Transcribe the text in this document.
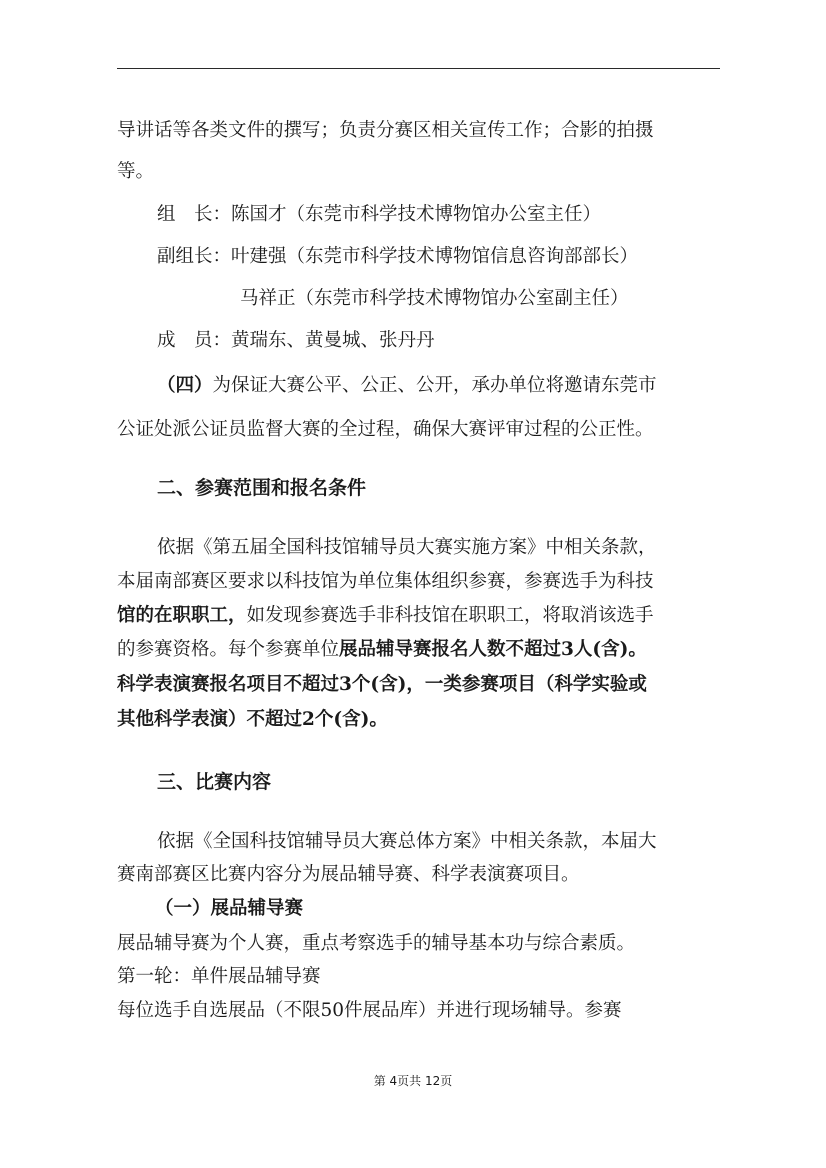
导讲话等各类文件的撰写；负责分赛区相关宣传工作；合影的拍摄
等。
组　长：陈国才（东莞市科学技术博物馆办公室主任）
副组长：叶建强（东莞市科学技术博物馆信息咨询部部长）
马祥正（东莞市科学技术博物馆办公室副主任）
成　员：黄瑞东、黄曼城、张丹丹
（四）为保证大赛公平、公正、公开，承办单位将邀请东莞市
公证处派公证员监督大赛的全过程，确保大赛评审过程的公正性。
二、参赛范围和报名条件
依据《第五届全国科技馆辅导员大赛实施方案》中相关条款，
本届南部赛区要求以科技馆为单位集体组织参赛，参赛选手为科技
馆的在职职工，如发现参赛选手非科技馆在职职工，将取消该选手
的参赛资格。每个参赛单位展品辅导赛报名人数不超过3人(含)。
科学表演赛报名项目不超过3个(含)，一类参赛项目（科学实验或
其他科学表演）不超过2个(含)。
三、比赛内容
依据《全国科技馆辅导员大赛总体方案》中相关条款，本届大
赛南部赛区比赛内容分为展品辅导赛、科学表演赛项目。
（一）展品辅导赛
展品辅导赛为个人赛，重点考察选手的辅导基本功与综合素质。
第一轮：单件展品辅导赛
每位选手自选展品（不限50件展品库）并进行现场辅导。参赛
第 4页共 12页
